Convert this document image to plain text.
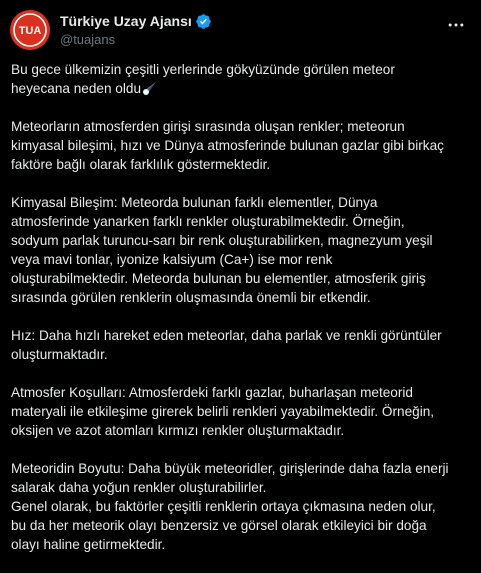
TUA
Türkiye Uzay Ajansı
@tuajans

Bu gece ülkemizin çeşitli yerlerinde gökyüzünde görülen meteor
heyecana neden oldu

Meteorların atmosferden girişi sırasında oluşan renkler; meteorun
kimyasal bileşimi, hızı ve Dünya atmosferinde bulunan gazlar gibi birkaç
faktöre bağlı olarak farklılık göstermektedir.

Kimyasal Bileşim: Meteorda bulunan farklı elementler, Dünya
atmosferinde yanarken farklı renkler oluşturabilmektedir. Örneğin,
sodyum parlak turuncu-sarı bir renk oluşturabilirken, magnezyum yeşil
veya mavi tonlar, iyonize kalsiyum (Ca+) ise mor renk
oluşturabilmektedir. Meteorda bulunan bu elementler, atmosferik giriş
sırasında görülen renklerin oluşmasında önemli bir etkendir.

Hız: Daha hızlı hareket eden meteorlar, daha parlak ve renkli görüntüler
oluşturmaktadır.

Atmosfer Koşulları: Atmosferdeki farklı gazlar, buharlaşan meteorid
materyali ile etkileşime girerek belirli renkleri yayabilmektedir. Örneğin,
oksijen ve azot atomları kırmızı renkler oluşturmaktadır.

Meteoridin Boyutu: Daha büyük meteoridler, girişlerinde daha fazla enerji
salarak daha yoğun renkler oluşturabilirler.
Genel olarak, bu faktörler çeşitli renklerin ortaya çıkmasına neden olur,
bu da her meteorik olayı benzersiz ve görsel olarak etkileyici bir doğa
olayı haline getirmektedir.
